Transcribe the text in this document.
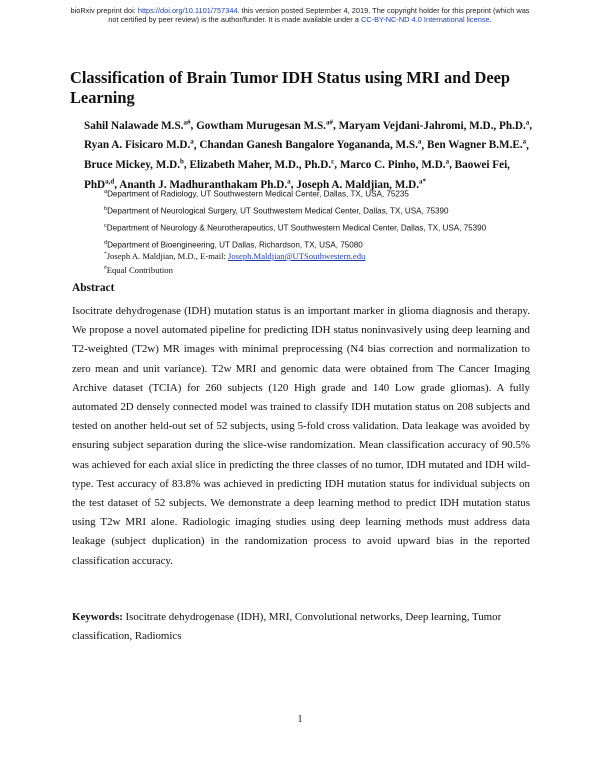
bioRxiv preprint doi: https://doi.org/10.1101/757344. this version posted September 4, 2019. The copyright holder for this preprint (which was
not certified by peer review) is the author/funder. It is made available under a CC-BY-NC-ND 4.0 International license.
Classification of Brain Tumor IDH Status using MRI and Deep Learning
Sahil Nalawade M.S.$^{a\#}$, Gowtham Murugesan M.S.$^{a\#}$, Maryam Vejdani-Jahromi, M.D., Ph.D.$^a$, Ryan A. Fisicaro M.D.$^a$, Chandan Ganesh Bangalore Yogananda, M.S.$^a$, Ben Wagner B.M.E.$^a$, Bruce Mickey, M.D.$^b$, Elizabeth Maher, M.D., Ph.D.$^c$, Marco C. Pinho, M.D.$^a$, Baowei Fei, PhD$^{a,d}$, Ananth J. Madhuranthakam Ph.D.$^a$, Joseph A. Maldjian, M.D.$^{a*}$
$^a$Department of Radiology, UT Southwestern Medical Center, Dallas, TX, USA, 75235
$^b$Department of Neurological Surgery, UT Southwestern Medical Center, Dallas, TX, USA, 75390
$^c$Department of Neurology & Neurotherapeutics, UT Southwestern Medical Center, Dallas, TX, USA, 75390
$^d$Department of Bioengineering, UT Dallas, Richardson, TX, USA, 75080
*Joseph A. Maldjian, M.D., E-mail: Joseph.Maldjian@UTSouthwestern.edu
#Equal Contribution
Abstract
Isocitrate dehydrogenase (IDH) mutation status is an important marker in glioma diagnosis and therapy. We propose a novel automated pipeline for predicting IDH status noninvasively using deep learning and T2-weighted (T2w) MR images with minimal preprocessing (N4 bias correction and normalization to zero mean and unit variance). T2w MRI and genomic data were obtained from The Cancer Imaging Archive dataset (TCIA) for 260 subjects (120 High grade and 140 Low grade gliomas). A fully automated 2D densely connected model was trained to classify IDH mutation status on 208 subjects and tested on another held-out set of 52 subjects, using 5-fold cross validation. Data leakage was avoided by ensuring subject separation during the slice-wise randomization. Mean classification accuracy of 90.5% was achieved for each axial slice in predicting the three classes of no tumor, IDH mutated and IDH wild-type. Test accuracy of 83.8% was achieved in predicting IDH mutation status for individual subjects on the test dataset of 52 subjects. We demonstrate a deep learning method to predict IDH mutation status using T2w MRI alone. Radiologic imaging studies using deep learning methods must address data leakage (subject duplication) in the randomization process to avoid upward bias in the reported classification accuracy.
Keywords: Isocitrate dehydrogenase (IDH), MRI, Convolutional networks, Deep learning, Tumor classification, Radiomics
1
